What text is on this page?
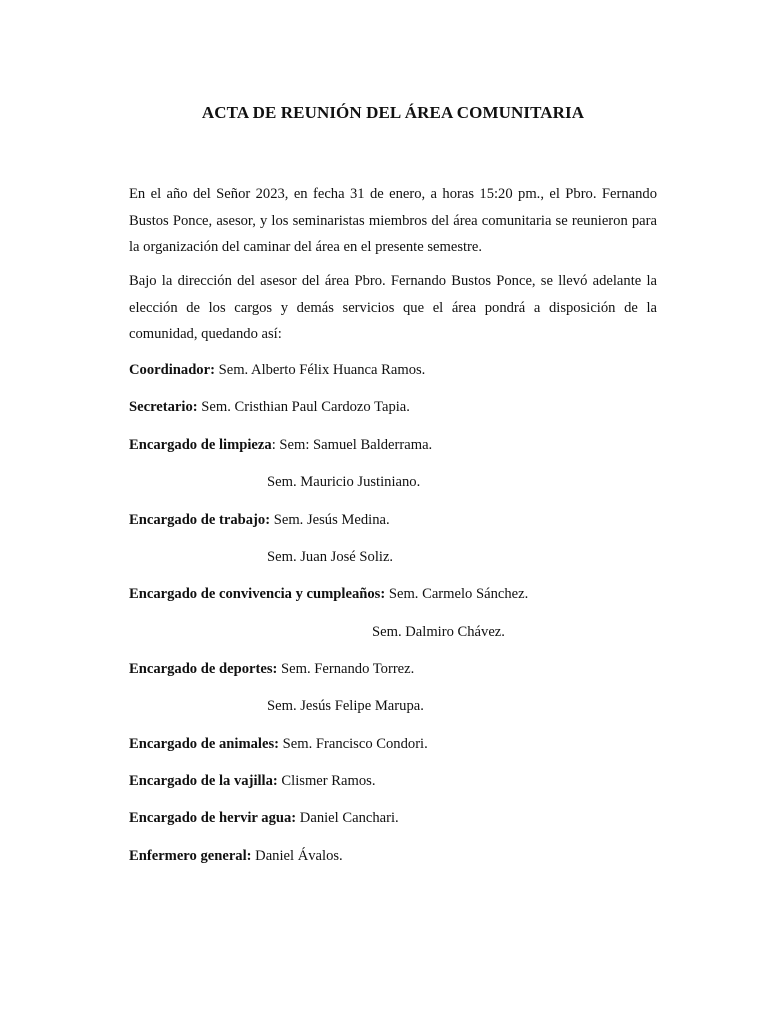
ACTA DE REUNIÓN DEL ÁREA COMUNITARIA
En el año del Señor 2023, en fecha 31 de enero, a horas 15:20 pm., el Pbro. Fernando Bustos Ponce, asesor, y los seminaristas miembros del área comunitaria se reunieron para la organización del caminar del área en el presente semestre.
Bajo la dirección del asesor del área Pbro. Fernando Bustos Ponce, se llevó adelante la elección de los cargos y demás servicios que el área pondrá a disposición de la comunidad, quedando así:
Coordinador: Sem. Alberto Félix Huanca Ramos.
Secretario: Sem. Cristhian Paul Cardozo Tapia.
Encargado de limpieza: Sem: Samuel Balderrama.
Sem. Mauricio Justiniano.
Encargado de trabajo: Sem. Jesús Medina.
Sem. Juan José Soliz.
Encargado de convivencia y cumpleaños: Sem. Carmelo Sánchez.
Sem. Dalmiro Chávez.
Encargado de deportes: Sem. Fernando Torrez.
Sem. Jesús Felipe Marupa.
Encargado de animales: Sem. Francisco Condori.
Encargado de la vajilla: Clismer Ramos.
Encargado de hervir agua: Daniel Canchari.
Enfermero general: Daniel Ávalos.
